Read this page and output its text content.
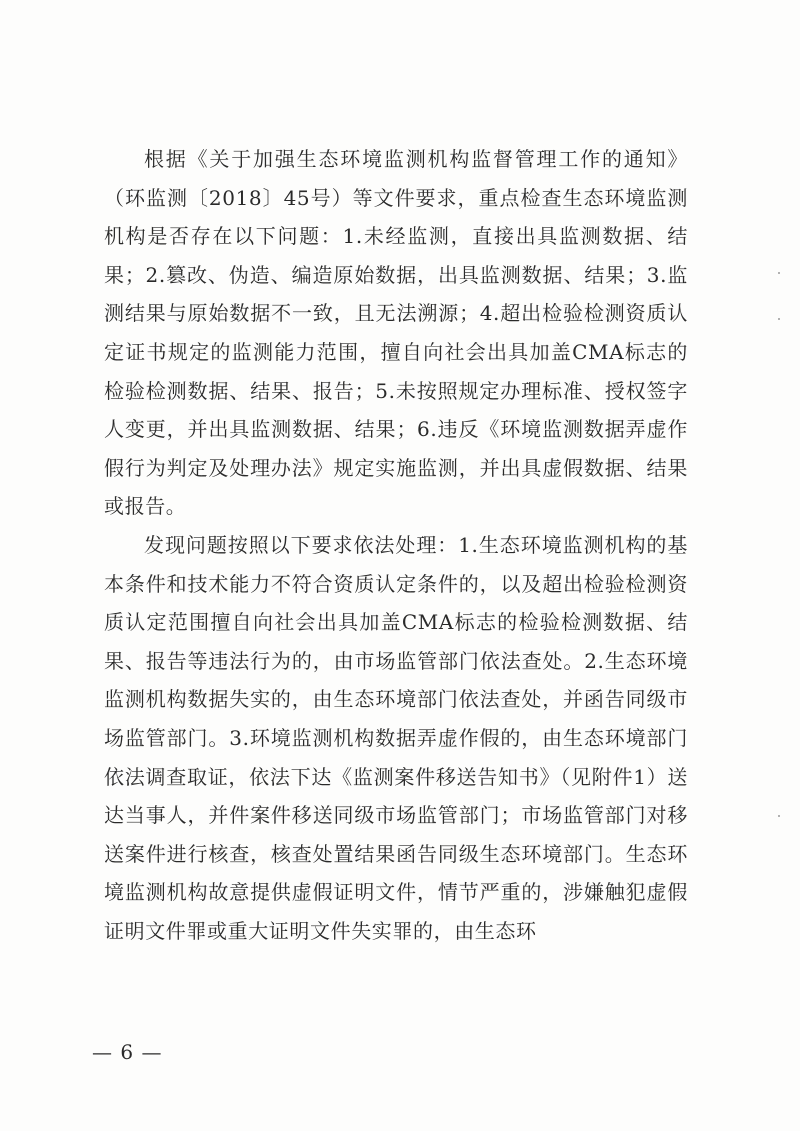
根据《关于加强生态环境监测机构监督管理工作的通知》（环监测〔2018〕45号）等文件要求，重点检查生态环境监测机构是否存在以下问题：1.未经监测，直接出具监测数据、结果；2.篡改、伪造、编造原始数据，出具监测数据、结果；3.监测结果与原始数据不一致，且无法溯源；4.超出检验检测资质认定证书规定的监测能力范围，擅自向社会出具加盖CMA标志的检验检测数据、结果、报告；5.未按照规定办理标准、授权签字人变更，并出具监测数据、结果；6.违反《环境监测数据弄虚作假行为判定及处理办法》规定实施监测，并出具虚假数据、结果或报告。

发现问题按照以下要求依法处理：1.生态环境监测机构的基本条件和技术能力不符合资质认定条件的，以及超出检验检测资质认定范围擅自向社会出具加盖CMA标志的检验检测数据、结果、报告等违法行为的，由市场监管部门依法查处。2.生态环境监测机构数据失实的，由生态环境部门依法查处，并函告同级市场监管部门。3.环境监测机构数据弄虚作假的，由生态环境部门依法调查取证，依法下达《监测案件移送告知书》（见附件1）送达当事人，并件案件移送同级市场监管部门；市场监管部门对移送案件进行核查，核查处置结果函告同级生态环境部门。生态环境监测机构故意提供虚假证明文件，情节严重的，涉嫌触犯虚假证明文件罪或重大证明文件失实罪的，由生态环

— 6 —
